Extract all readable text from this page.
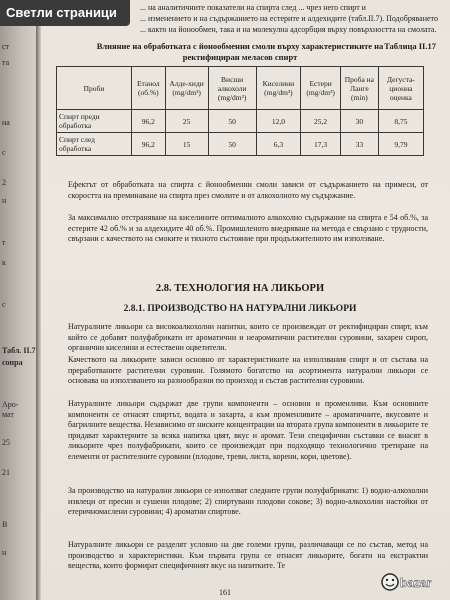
ст
та
на
с
2
н
т
к
с
Табл. II.7
сопра
Аро-
мат
25
21
В
н
Светли страници	... на аналитичните показатели на спирта след ... чрез него спирт и
... изменението и на съдържанието на естерите и алдехидите (табл.II.7). Подобряването
... както на йонообмен, така и на молекулна адсорбция върху повърхността на смолата.
Влияние на обработката с йонообменни смоли върху характеристиките на Таблица II.17
ректифициран меласов спирт
Проби	Етанол (об.%)	Алде-хиди (mg/dm³)	Висши алкохоли (mg/dm³)	Киселини (mg/dm³)	Естери (mg/dm³)	Проба на Ланге (min)	Дегуста-ционна оценка
Спирт преди обработка	96,2	25	50	12,0	25,2	30	8,75
Спирт след обработка	96,2	15	50	6,3	17,3	33	9,79
Ефектът от обработката на спирта с йонообменни смоли зависи от съдържанието на примеси, от скоростта на преминаване на спирта през смолите и от алкохолното му съдържание.
За максимално отстраняване на киселините оптималното алкохолно съдържание на спирта е 54 об.%, за естерите 42 об.% и за алдехидите 40 об.%. Промишленото внедряване на метода е свързано с трудности, свързани с качеството на смоките и тяхното състояние при продължителното им използване.
2.8. ТЕХНОЛОГИЯ НА ЛИКЬОРИ
2.8.1. ПРОИЗВОДСТВО НА НАТУРАЛНИ ЛИКЬОРИ
Натуралните ликьори са високоалкохолни напитки, които се произвеждат от ректифициран спирт, към който се добавят полуфабрикати от ароматични и неароматични растителни суровини, захарен сироп, органични киселини и естествени оцветители.
Качеството на ликьорите зависи основно от характеристиките на използвания спирт и от състава на преработваните растителни суровини. Голямото богатство на асортимента натурални ликьори се основава на използването на разнообразни по произход и състав растителни суровини.
Натуралните ликьори съдържат две групи компоненти – основни и променливи. Към основните компоненти се отнасят спиртът, водата и захарта, а към променливите – ароматичните, вкусовите и багрилните вещества. Независимо от ниските концентрации на втората група компоненти в ликьорите те придават характерните за всяка напитка цвят, вкус и аромат. Тези специфични съставки се внасят в ликьорите чрез полуфабрикати, които се произвеждат при подходящо технологично третиране на елементи от растителните суровини (плодове, треви, листа, корени, кори, цветове).
За производство на натурални ликьори се използват следните групи полуфабрикати: 1) водно-алкохолни извлеци от пресни и сушени плодове; 2) спиртувани плодови сокове; 3) водно-алкохолни настойки от етеричномаслени суровини; 4) ароматни спиртове.
Натуралните ликьори се разделят условно на две големи групи, различаващи се по състав, метод на производство и характеристики. Към първата група се отнасят ликьорите, богати на екстрактни вещества, които формират специфичният вкус на напитките. Те
161
bazar
